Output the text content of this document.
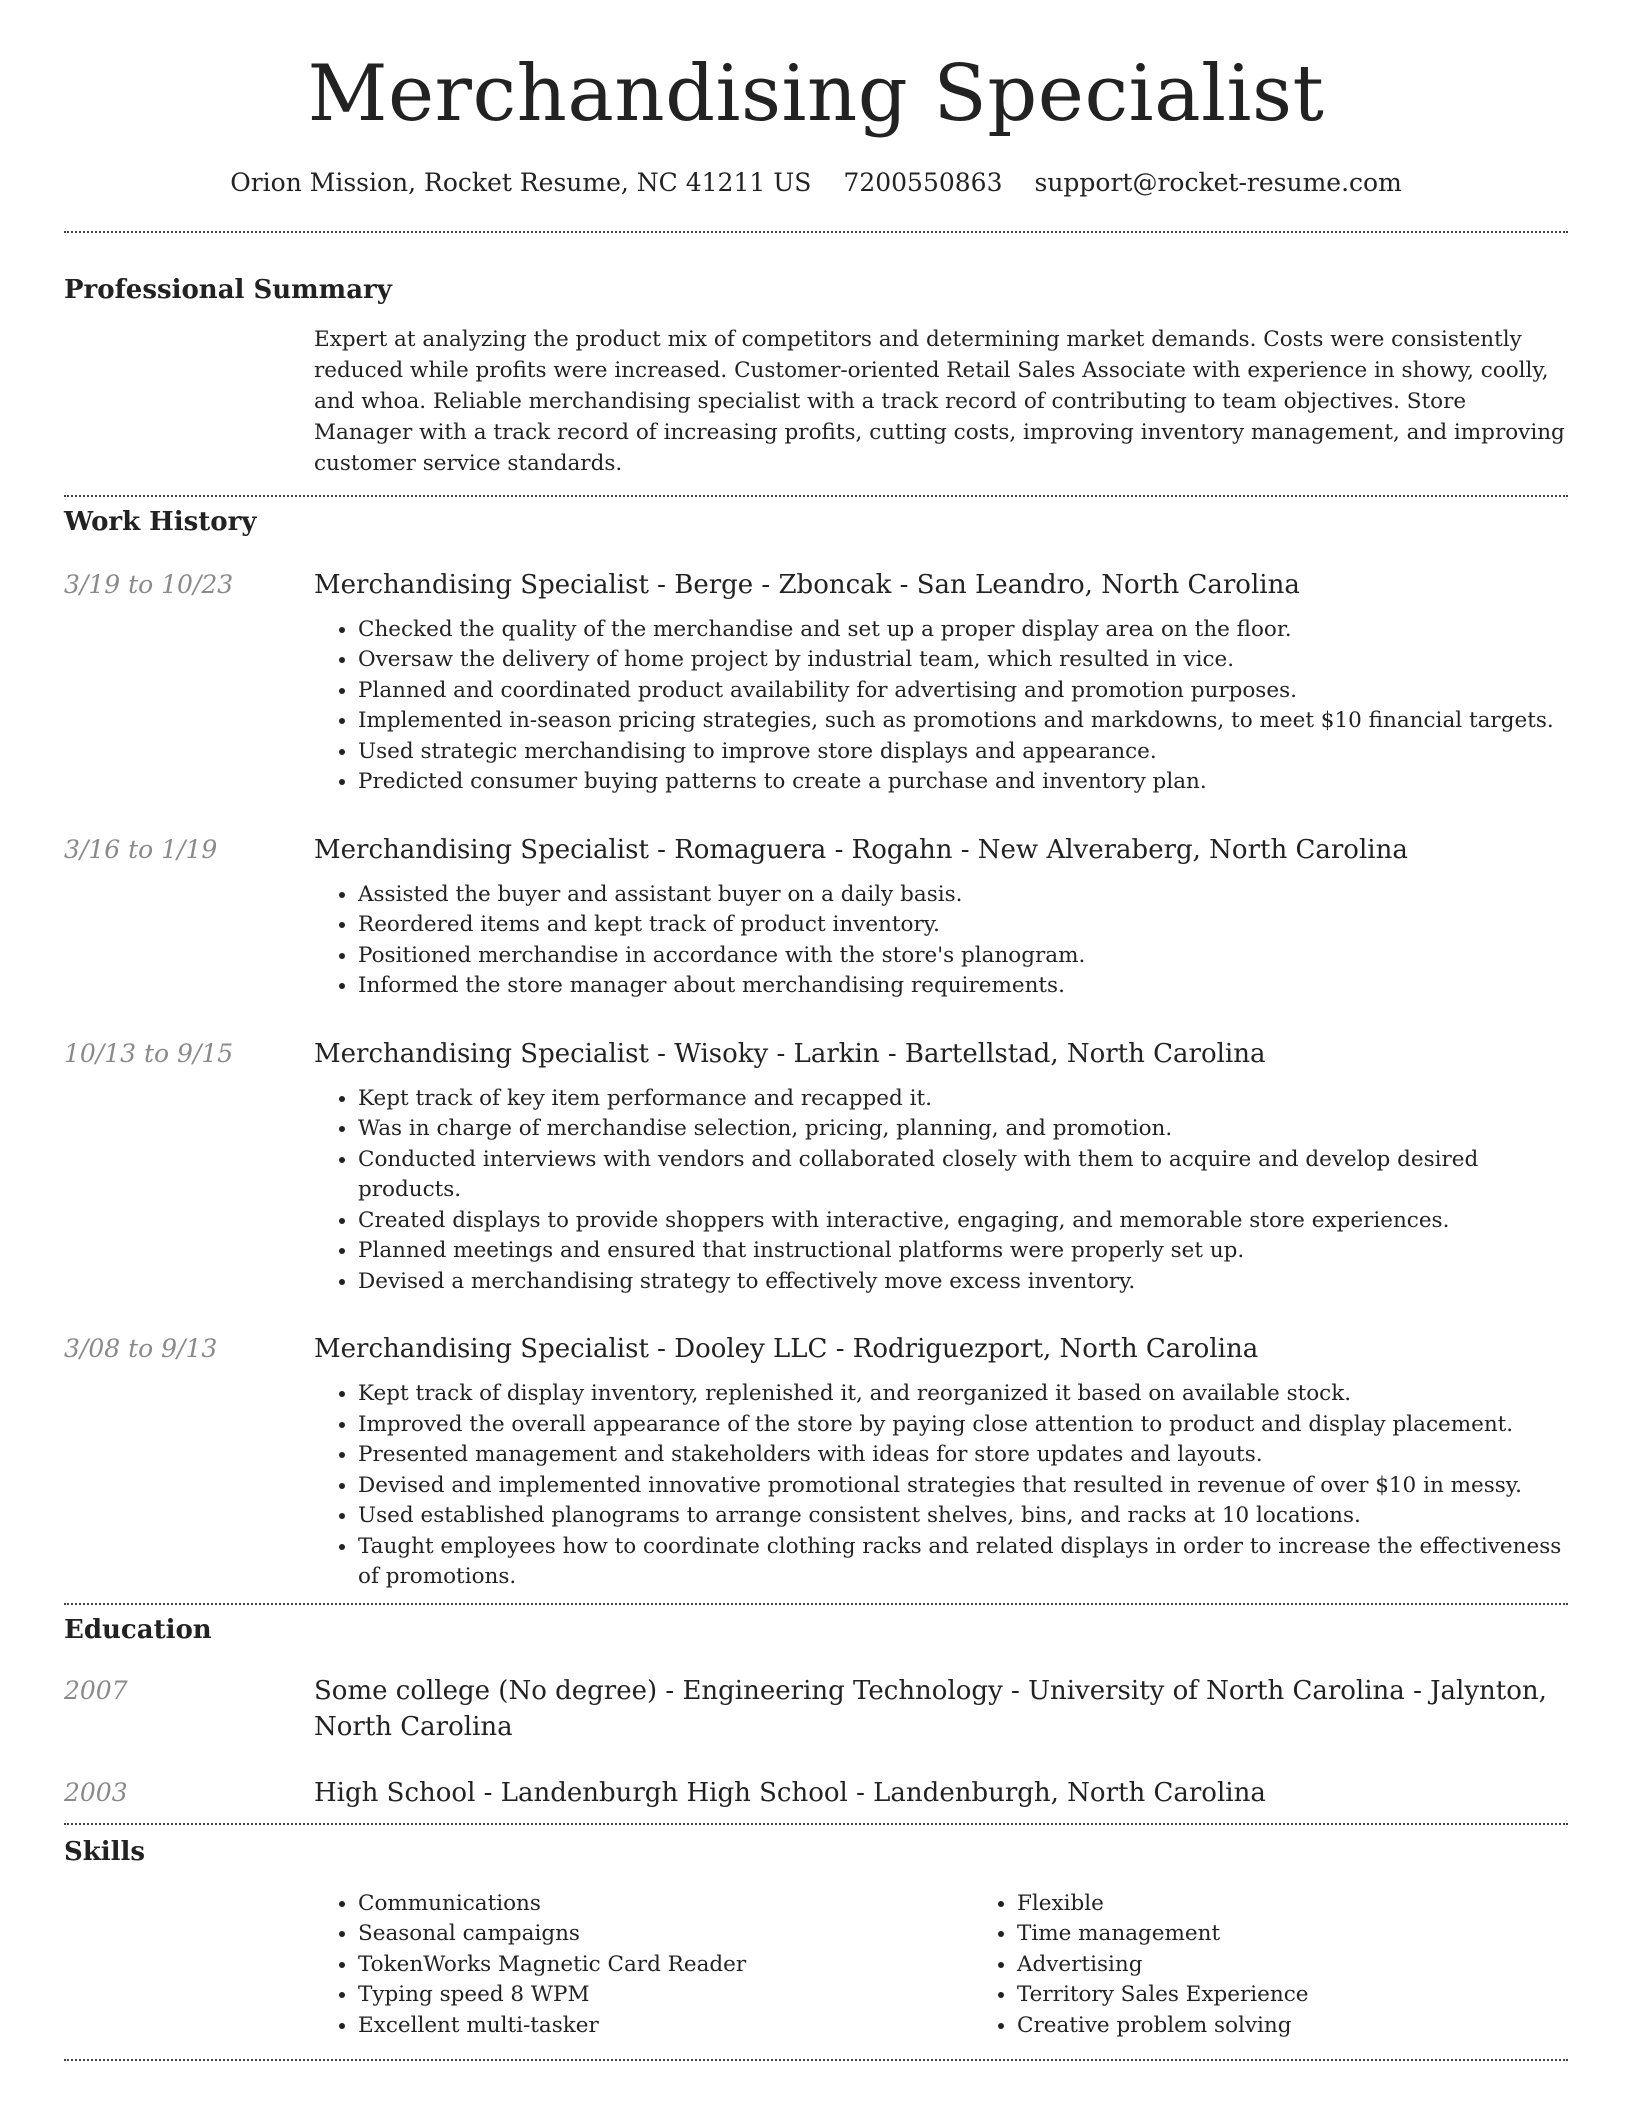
Merchandising Specialist
Orion Mission, Rocket Resume, NC 41211 US 7200550863 support@rocket-resume.com
Professional Summary
Expert at analyzing the product mix of competitors and determining market demands. Costs were consistently reduced while profits were increased. Customer-oriented Retail Sales Associate with experience in showy, coolly, and whoa. Reliable merchandising specialist with a track record of contributing to team objectives. Store Manager with a track record of increasing profits, cutting costs, improving inventory management, and improving customer service standards.
Work History
3/19 to 10/23	Merchandising Specialist - Berge - Zboncak - San Leandro, North Carolina
• Checked the quality of the merchandise and set up a proper display area on the floor.
• Oversaw the delivery of home project by industrial team, which resulted in vice.
• Planned and coordinated product availability for advertising and promotion purposes.
• Implemented in-season pricing strategies, such as promotions and markdowns, to meet $10 financial targets.
• Used strategic merchandising to improve store displays and appearance.
• Predicted consumer buying patterns to create a purchase and inventory plan.
3/16 to 1/19	Merchandising Specialist - Romaguera - Rogahn - New Alveraberg, North Carolina
• Assisted the buyer and assistant buyer on a daily basis.
• Reordered items and kept track of product inventory.
• Positioned merchandise in accordance with the store's planogram.
• Informed the store manager about merchandising requirements.
10/13 to 9/15	Merchandising Specialist - Wisoky - Larkin - Bartellstad, North Carolina
• Kept track of key item performance and recapped it.
• Was in charge of merchandise selection, pricing, planning, and promotion.
• Conducted interviews with vendors and collaborated closely with them to acquire and develop desired products.
• Created displays to provide shoppers with interactive, engaging, and memorable store experiences.
• Planned meetings and ensured that instructional platforms were properly set up.
• Devised a merchandising strategy to effectively move excess inventory.
3/08 to 9/13	Merchandising Specialist - Dooley LLC - Rodriguezport, North Carolina
• Kept track of display inventory, replenished it, and reorganized it based on available stock.
• Improved the overall appearance of the store by paying close attention to product and display placement.
• Presented management and stakeholders with ideas for store updates and layouts.
• Devised and implemented innovative promotional strategies that resulted in revenue of over $10 in messy.
• Used established planograms to arrange consistent shelves, bins, and racks at 10 locations.
• Taught employees how to coordinate clothing racks and related displays in order to increase the effectiveness of promotions.
Education
2007	Some college (No degree) - Engineering Technology - University of North Carolina - Jalynton, North Carolina
2003	High School - Landenburgh High School - Landenburgh, North Carolina
Skills
• Communications
• Seasonal campaigns
• TokenWorks Magnetic Card Reader
• Typing speed 8 WPM
• Excellent multi-tasker
• Flexible
• Time management
• Advertising
• Territory Sales Experience
• Creative problem solving
